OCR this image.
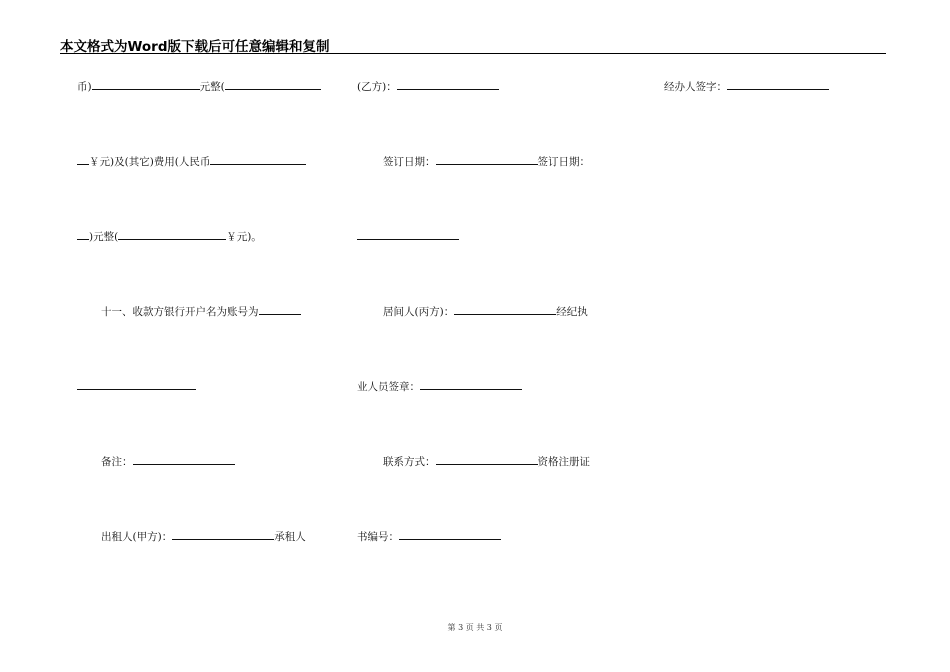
本文格式为Word版下载后可任意编辑和复制
币)	元整(
￥元)及(其它)费用(人民币
)元整(	￥元)。
十一、收款方银行开户名为账号为
备注：
出租人(甲方)：	承租人
(乙方)：
签订日期：	签订日期：
居间人(丙方)：	经纪执
业人员签章：
联系方式：	资格注册证
书编号：
经办人签字：
第 3 页 共 3 页
